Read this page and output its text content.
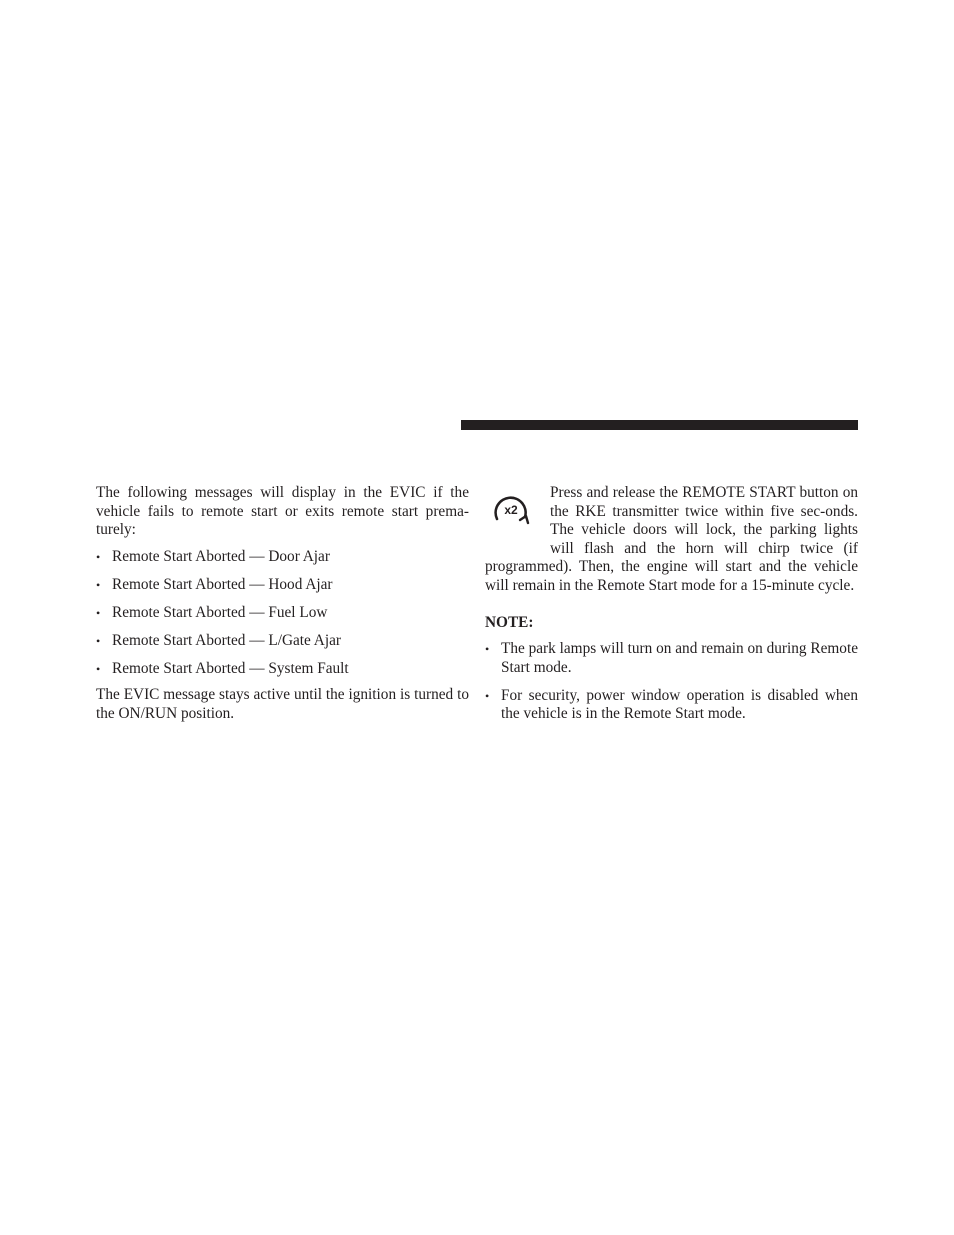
The following messages will display in the EVIC if the vehicle fails to remote start or exits remote start prema-turely:

• Remote Start Aborted — Door Ajar
• Remote Start Aborted — Hood Ajar
• Remote Start Aborted — Fuel Low
• Remote Start Aborted — L/Gate Ajar
• Remote Start Aborted — System Fault

The EVIC message stays active until the ignition is turned to the ON/RUN position.

x2

Press and release the REMOTE START button on the RKE transmitter twice within five sec-onds. The vehicle doors will lock, the parking lights will flash and the horn will chirp twice (if programmed). Then, the engine will start and the vehicle will remain in the Remote Start mode for a 15-minute cycle.

NOTE:

• The park lamps will turn on and remain on during Remote Start mode.
• For security, power window operation is disabled when the vehicle is in the Remote Start mode.
